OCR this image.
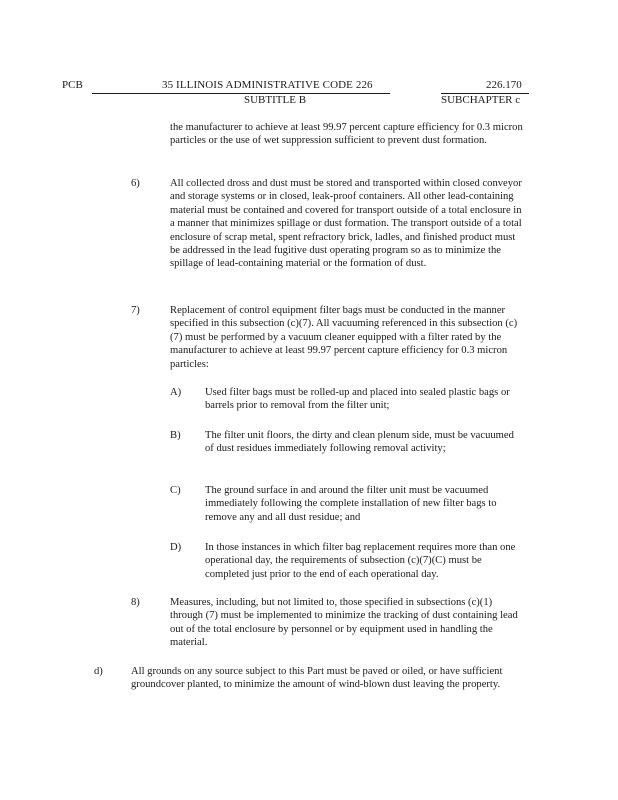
PCB	35 ILLINOIS ADMINISTRATIVE CODE 226
SUBTITLE B
226.170
SUBCHAPTER c
the manufacturer to achieve at least 99.97 percent capture efficiency for 0.3 micron particles or the use of wet suppression sufficient to prevent dust formation.
6)	All collected dross and dust must be stored and transported within closed conveyor and storage systems or in closed, leak-proof containers. All other lead-containing material must be contained and covered for transport outside of a total enclosure in a manner that minimizes spillage or dust formation. The transport outside of a total enclosure of scrap metal, spent refractory brick, ladles, and finished product must be addressed in the lead fugitive dust operating program so as to minimize the spillage of lead-containing material or the formation of dust.
7)	Replacement of control equipment filter bags must be conducted in the manner specified in this subsection (c)(7). All vacuuming referenced in this subsection (c)(7) must be performed by a vacuum cleaner equipped with a filter rated by the manufacturer to achieve at least 99.97 percent capture efficiency for 0.3 micron particles:
A) Used filter bags must be rolled-up and placed into sealed plastic bags or barrels prior to removal from the filter unit;
B) The filter unit floors, the dirty and clean plenum side, must be vacuumed of dust residues immediately following removal activity;
C) The ground surface in and around the filter unit must be vacuumed immediately following the complete installation of new filter bags to remove any and all dust residue; and
D) In those instances in which filter bag replacement requires more than one operational day, the requirements of subsection (c)(7)(C) must be completed just prior to the end of each operational day.
8)	Measures, including, but not limited to, those specified in subsections (c)(1) through (7) must be implemented to minimize the tracking of dust containing lead out of the total enclosure by personnel or by equipment used in handling the material.
d)	All grounds on any source subject to this Part must be paved or oiled, or have sufficient groundcover planted, to minimize the amount of wind-blown dust leaving the property.
